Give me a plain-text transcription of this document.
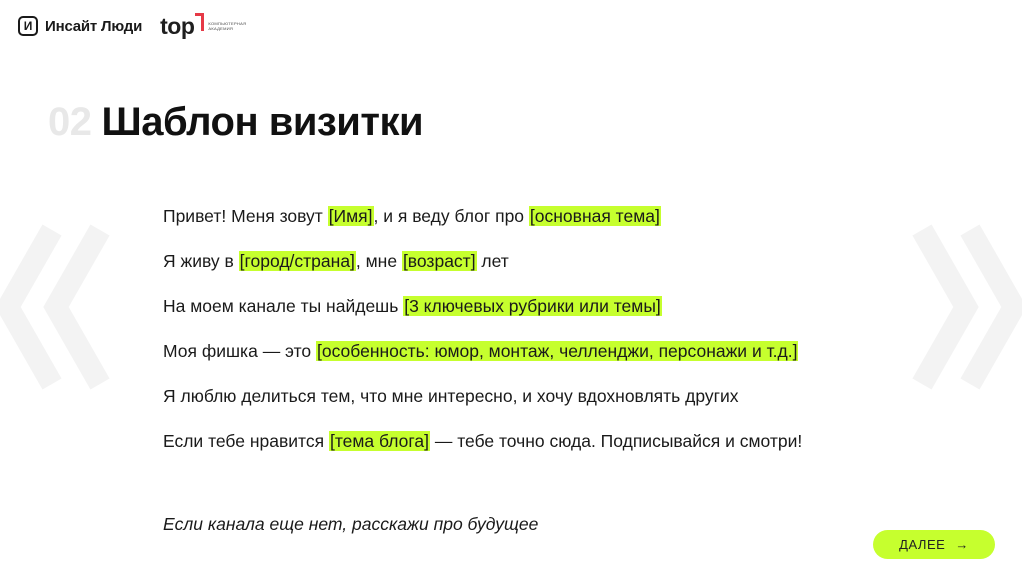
И Инсайт Люди top	КОМПЬЮТЕРНАЯ
АКАДЕМИЯ
02 Шаблон визитки
Привет! Меня зовут [Имя], и я веду блог про [основная тема]
Я живу в [город/страна], мне [возраст] лет
На моем канале ты найдешь [3 ключевых рубрики или темы]
Моя фишка — это [особенность: юмор, монтаж, челленджи, персонажи и т.д.]
Я люблю делиться тем, что мне интересно, и хочу вдохновлять других
Если тебе нравится [тема блога] — тебе точно сюда. Подписывайся и смотри!
Если канала еще нет, расскажи про будущее
ДАЛЕЕ →
